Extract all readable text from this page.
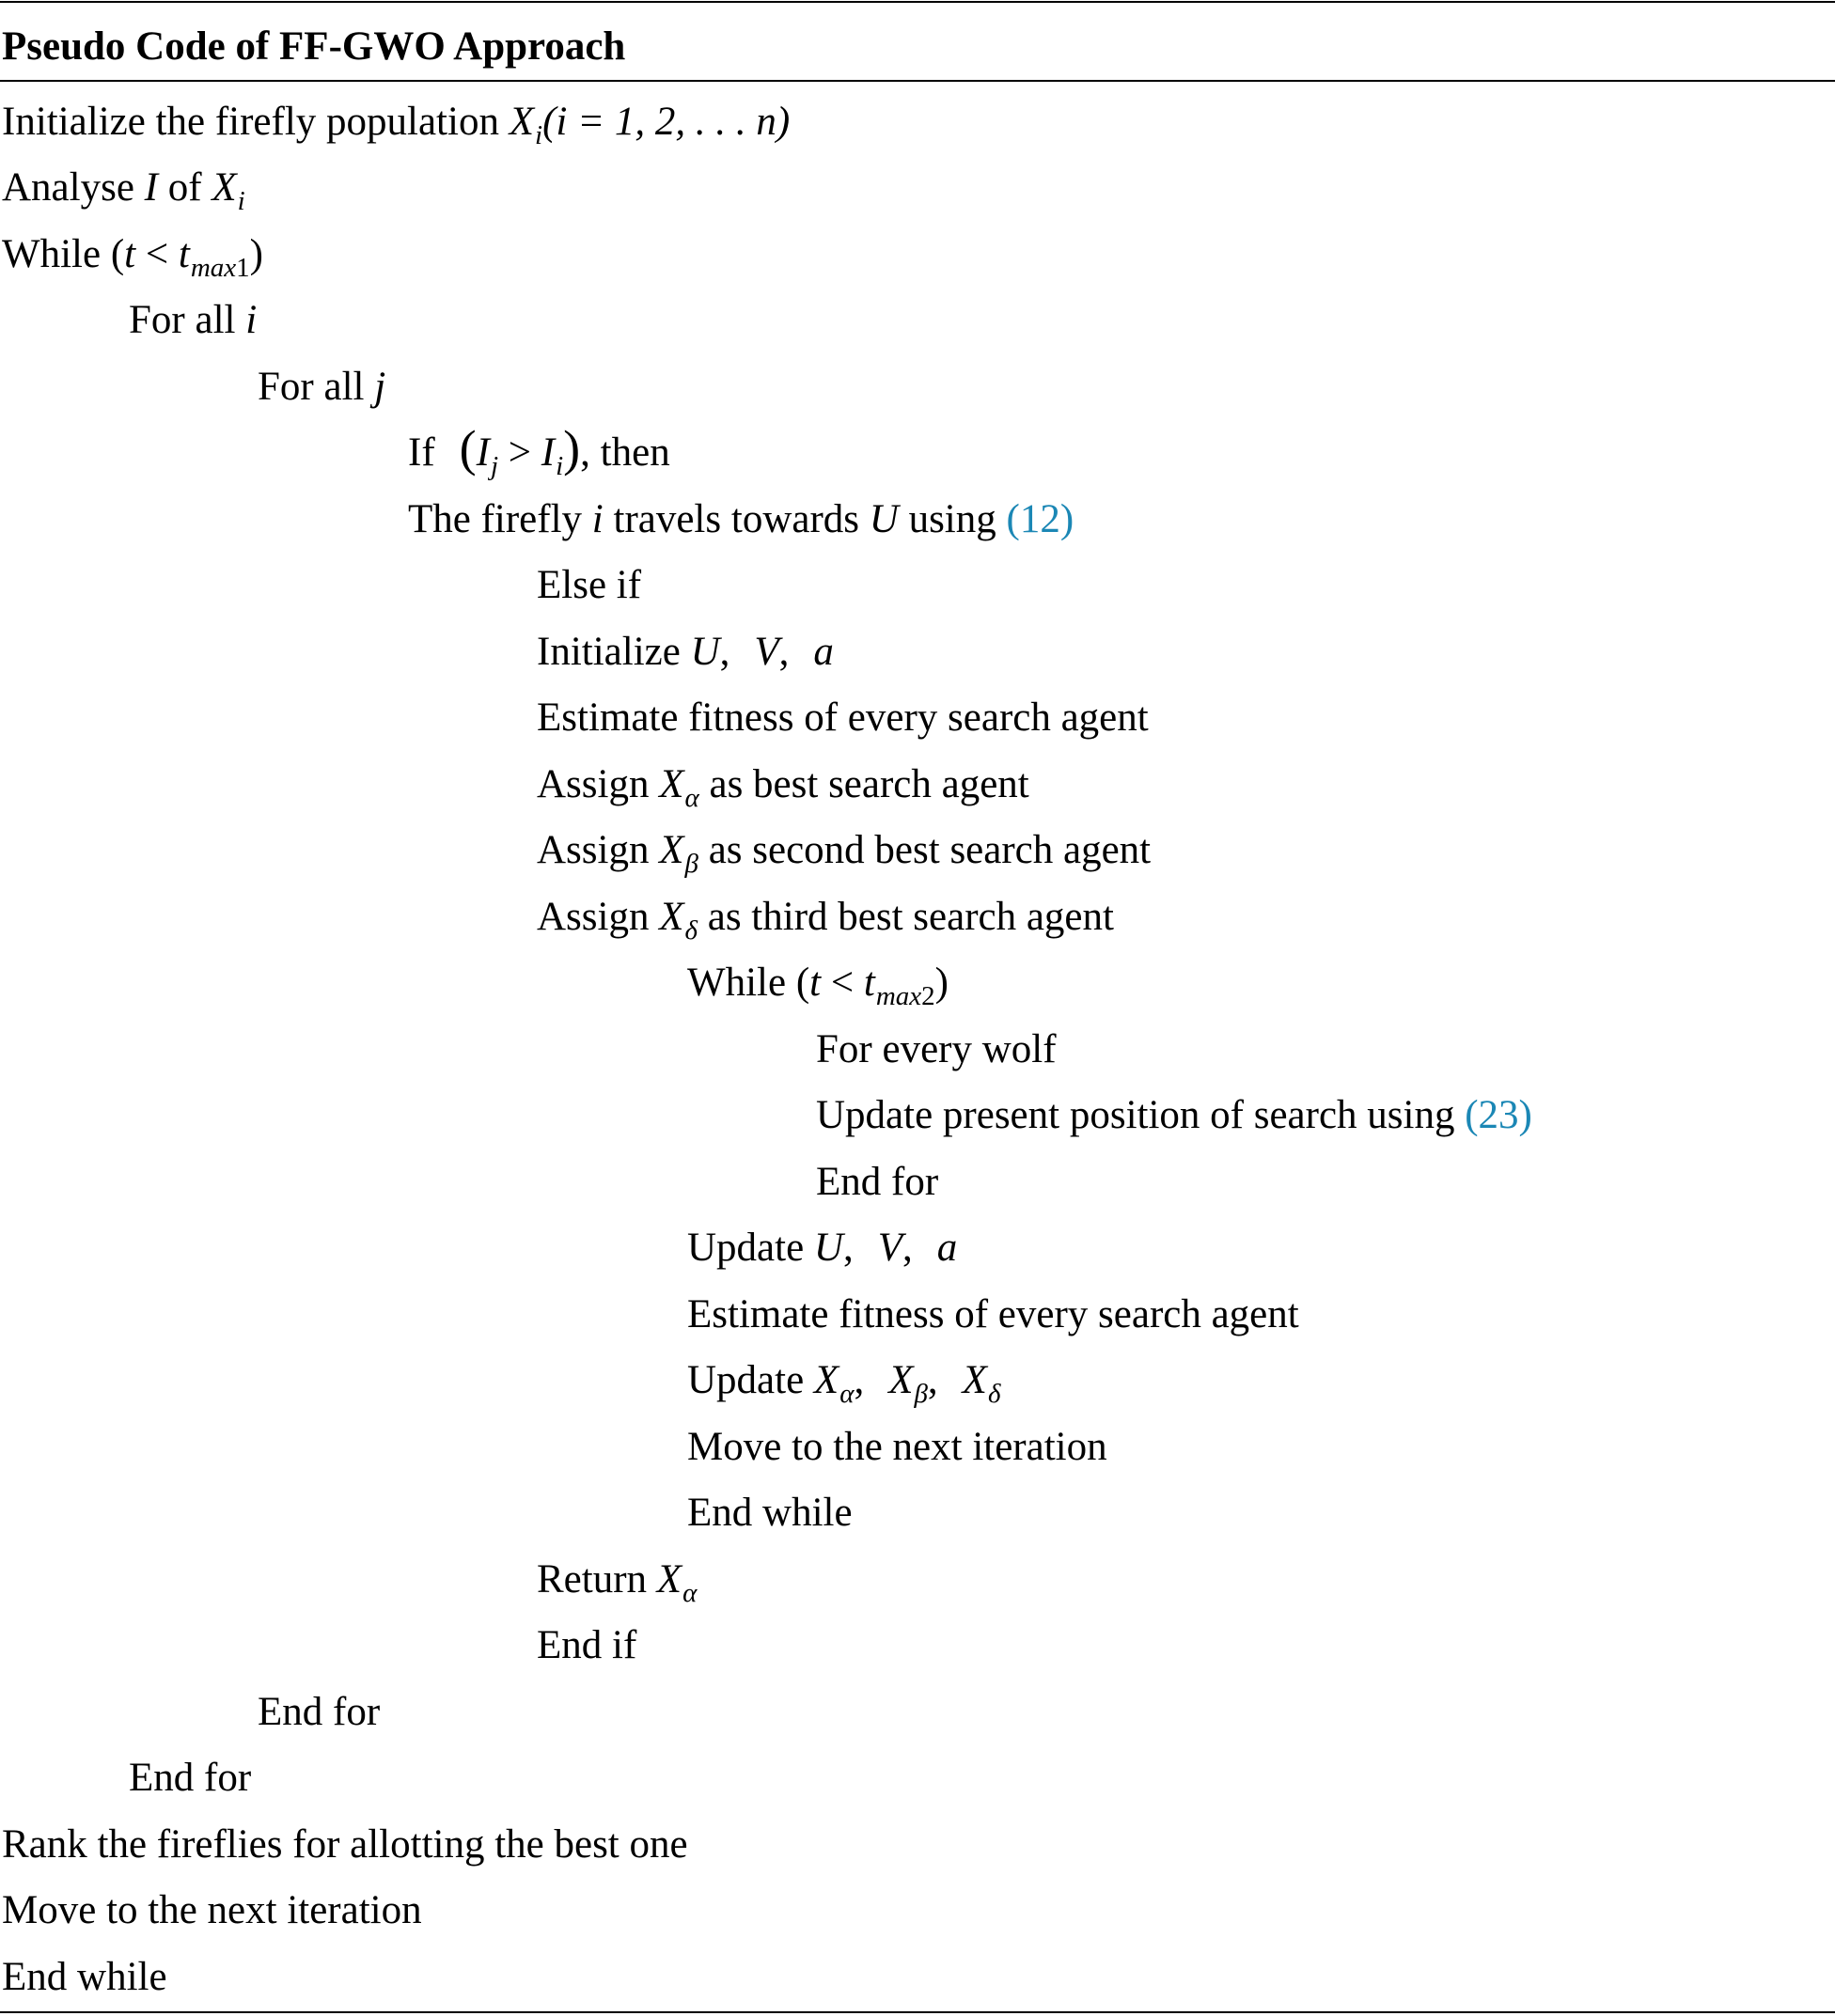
Pseudo Code of FF-GWO Approach
Initialize the firefly population $X_i(i = 1$, 2, . . . n)
Analyse I of $X_i$
While $(t < t_{max1})$
For all i
For all j
If $(I_j > I_i)$, then
The firefly i travels towards U using (12)
Else if
Initialize U, V, a
Estimate fitness of every search agent
Assign $X_\alpha$ as best search agent
Assign $X_\beta$ as second best search agent
Assign $X_\delta$ as third best search agent
While $(t < t_{max2})$
For every wolf
Update present position of search using (23)
End for
Update U, V, a
Estimate fitness of every search agent
Update $X_\alpha$, $X_\beta$, $X_\delta$
Move to the next iteration
End while
Return $X_\alpha$
End if
End for
End for
Rank the fireflies for allotting the best one
Move to the next iteration
End while
